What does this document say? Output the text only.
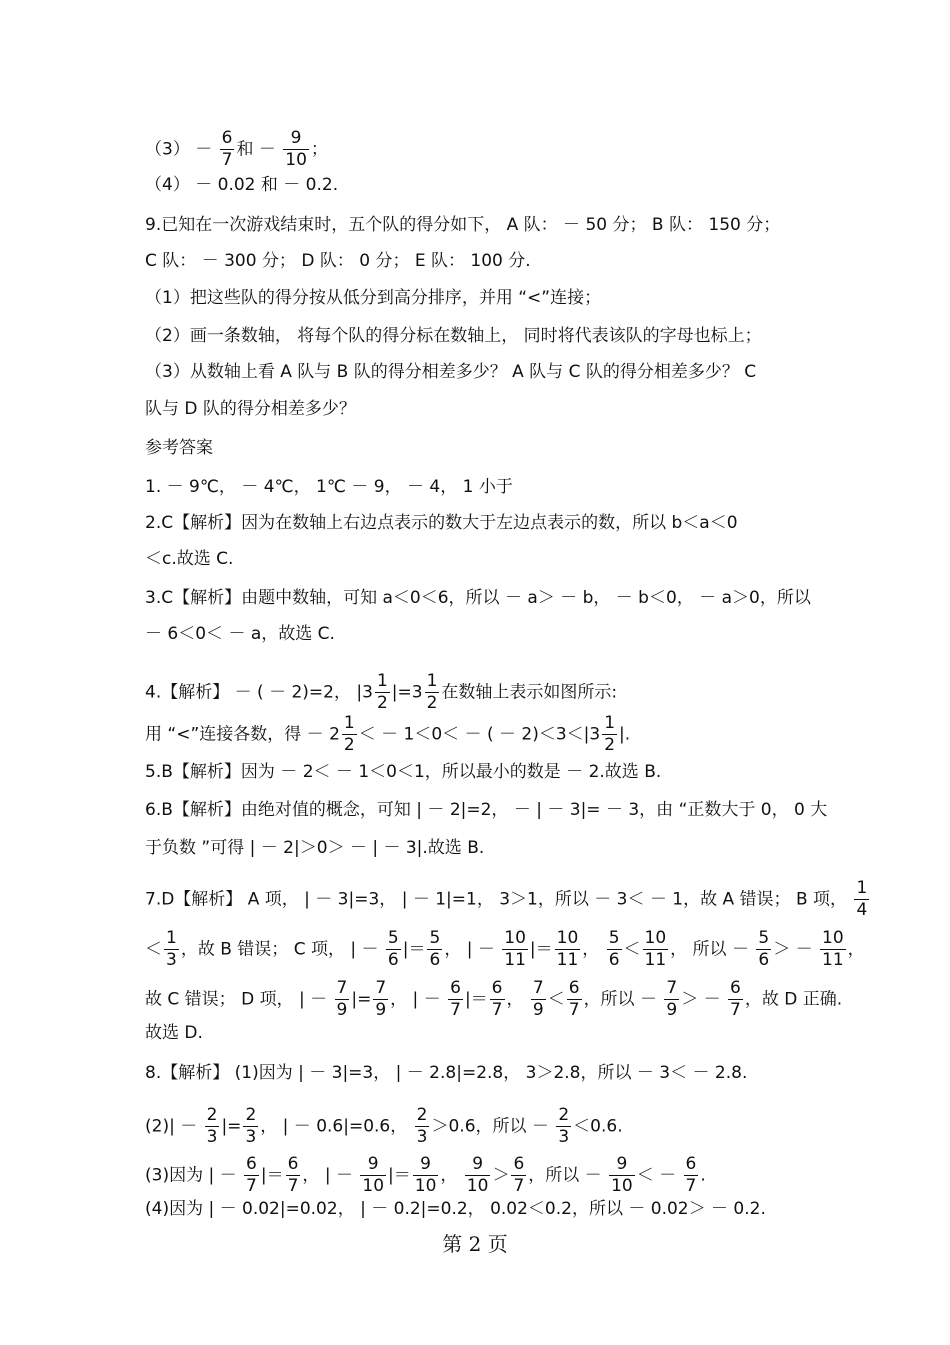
$(3) - \frac{6}{7}$ 和 － $\frac{9}{10}$ ；
（4） － 0.02 和 － 0.2.
9.已知在一次游戏结束时，五个队的得分如下， A 队： － 50 分； B 队： 150 分；
C 队： － 300 分； D 队： 0 分； E 队： 100 分.
（1）把这些队的得分按从低分到高分排序，并用 “<”连接；
（2）画一条数轴， 将每个队的得分标在数轴上， 同时将代表该队的字母也标上；
（3）从数轴上看 A 队与 B 队的得分相差多少？ A 队与 C 队的得分相差多少？ C
队与 D 队的得分相差多少？
参考答案
1. － 9℃， － 4℃， 1℃ － 9， － 4， 1 小于
2.C【解析】因为在数轴上右边点表示的数大于左边点表示的数，所以 b＜a＜0
＜c.故选 C.
3.C【解析】由题中数轴，可知 a＜0＜6，所以 － a＞ － b， － b＜0， － a＞0，所以
－ 6＜0＜ － a，故选 C.
4.【解析】 － ( － 2)=2， $|3 \frac{1}{2} |=3 \frac{1}{2}$ 在数轴上表示如图所示:
用 “<”连接各数，得 － $2 \frac{1}{2}$ ＜ － 1＜0＜ － ( － $2)<3<|3 \frac{1}{2}$ |.
5.B【解析】因为 － 2＜ － 1＜0＜1，所以最小的数是 － 2.故选 B.
6.B【解析】由绝对值的概念，可知 | － 2|=2， － | － 3|= － 3，由 “正数大于 0， 0 大
于负数 ”可得 | － 2|＞0＞ － | － 3|.故选 B.
7.D【解析】 A 项， | － 3|=3， | － 1|=1， 3＞1，所以 － 3＜ － 1，故 A 错误； B 项， $\frac{1}{4}$
＜ $\frac{1}{3}$ ，故 B 错误； C 项， | － $\frac{5}{6}$ |＝ $\frac{5}{6}$ ， | － $\frac{10}{11}$ |＝ $\frac{10}{11}$ ， $\frac{5}{6} < \frac{10}{11}$ ， 所以 － $\frac{5}{6}$ ＞ － $\frac{10}{11}$ ，
故 C 错误； D 项， | － $\frac{7}{9}$ |= $\frac{7}{9}$ ， | － $\frac{6}{7}$ |＝ $\frac{6}{7}$ ， $\frac{7}{9} < \frac{6}{7}$ ，所以 － $\frac{7}{9}$ ＞ － $\frac{6}{7}$ ，故 D 正确.
故选 D.
8.【解析】 (1)因为 | － 3|=3， | － 2.8|=2.8， 3＞2.8，所以 － 3＜ － 2.8.
$(2)| - \frac{2}{3}$ |= $\frac{2}{3}$ ， | － 0.6|=0.6， $\frac{2}{3} >0.6$，所以 － $\frac{2}{3} <0.6$.
(3)因为 | － $\frac{6}{7}$ |＝ $\frac{6}{7}$ ， | － $\frac{9}{10}$ |＝ $\frac{9}{10}$ ， $\frac{9}{10} > \frac{6}{7}$ ，所以 － $\frac{9}{10}$ ＜ － $\frac{6}{7}$ .
(4)因为 | － 0.02|=0.02， | － 0.2|=0.2， 0.02＜0.2，所以 － 0.02＞ － 0.2.
第 2 页
